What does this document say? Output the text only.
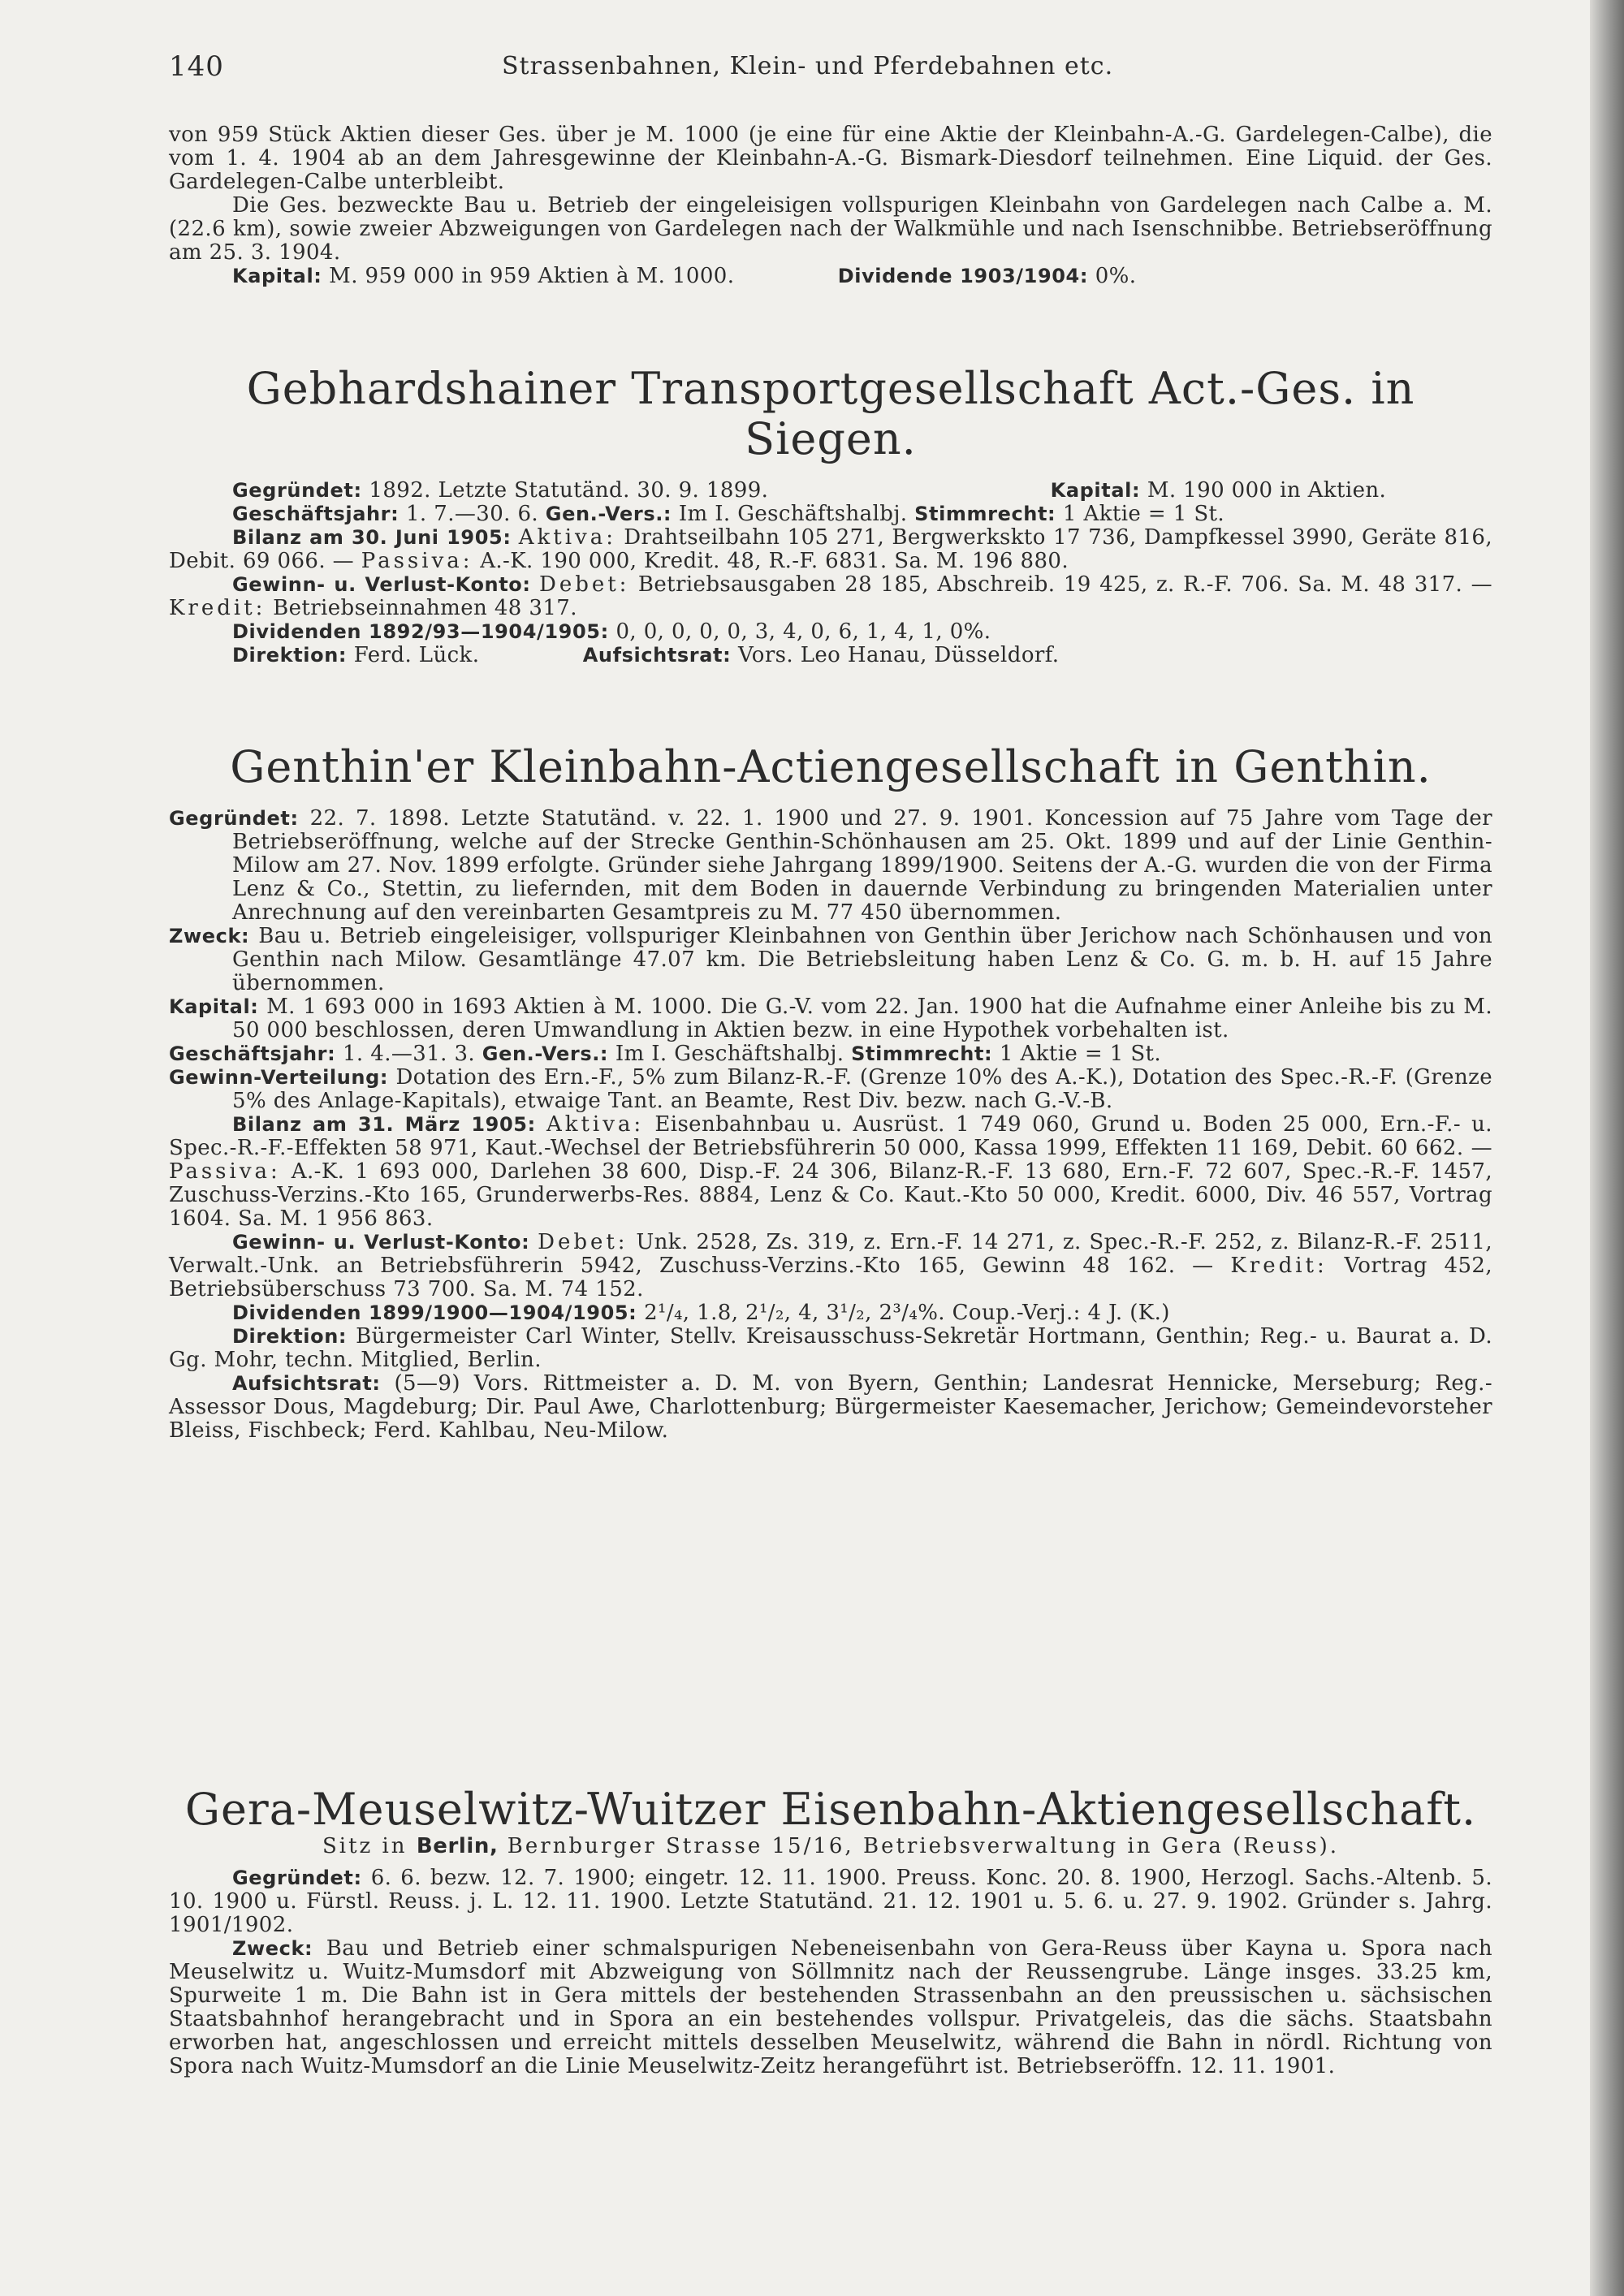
140	Strassenbahnen, Klein- und Pferdebahnen etc.

von 959 Stück Aktien dieser Ges. über je M. 1000 (je eine für eine Aktie der Kleinbahn-A.-G. Gardelegen-Calbe), die vom 1. 4. 1904 ab an dem Jahresgewinne der Kleinbahn-A.-G. Bismark-Diesdorf teilnehmen. Eine Liquid. der Ges. Gardelegen-Calbe unterbleibt.

Die Ges. bezweckte Bau u. Betrieb der eingeleisigen vollspurigen Kleinbahn von Gardelegen nach Calbe a. M. (22.6 km), sowie zweier Abzweigungen von Gardelegen nach der Walkmühle und nach Isenschnibbe. Betriebseröffnung am 25. 3. 1904.

Kapital: M. 959 000 in 959 Aktien à M. 1000.	Dividende 1903/1904: 0%.

Gebhardshainer Transportgesellschaft Act.-Ges. in Siegen.

Gegründet: 1892. Letzte Statutänd. 30. 9. 1899.	Kapital: M. 190 000 in Aktien.

Geschäftsjahr: 1. 7.—30. 6. Gen.-Vers.: Im I. Geschäftshalbj. Stimmrecht: 1 Aktie = 1 St.

Bilanz am 30. Juni 1905: Aktiva: Drahtseilbahn 105 271, Bergwerksktо 17 736, Dampfkessel 3990, Geräte 816, Debit. 69 066. — Passiva: A.-K. 190 000, Kredit. 48, R.-F. 6831. Sa. M. 196 880.

Gewinn- u. Verlust-Konto: Debet: Betriebsausgaben 28 185, Abschreib. 19 425, z. R.-F. 706. Sa. M. 48 317. — Kredit: Betriebseinnahmen 48 317.

Dividenden 1892/93—1904/1905: 0, 0, 0, 0, 0, 3, 4, 0, 6, 1, 4, 1, 0%.

Direktion: Ferd. Lück.	Aufsichtsrat: Vors. Leo Hanau, Düsseldorf.

Genthin'er Kleinbahn-Actiengesellschaft in Genthin.

Gegründet: 22. 7. 1898. Letzte Statutänd. v. 22. 1. 1900 und 27. 9. 1901. Koncession auf 75 Jahre vom Tage der Betriebseröffnung, welche auf der Strecke Genthin-Schönhausen am 25. Okt. 1899 und auf der Linie Genthin-Milow am 27. Nov. 1899 erfolgte. Gründer siehe Jahrgang 1899/1900. Seitens der A.-G. wurden die von der Firma Lenz & Co., Stettin, zu liefernden, mit dem Boden in dauernde Verbindung zu bringenden Materialien unter Anrechnung auf den vereinbarten Gesamtpreis zu M. 77 450 übernommen.

Zweck: Bau u. Betrieb eingeleisiger, vollspuriger Kleinbahnen von Genthin über Jerichow nach Schönhausen und von Genthin nach Milow. Gesamtlänge 47.07 km. Die Betriebsleitung haben Lenz & Co. G. m. b. H. auf 15 Jahre übernommen.

Kapital: M. 1 693 000 in 1693 Aktien à M. 1000. Die G.-V. vom 22. Jan. 1900 hat die Aufnahme einer Anleihe bis zu M. 50 000 beschlossen, deren Umwandlung in Aktien bezw. in eine Hypothek vorbehalten ist.

Geschäftsjahr: 1. 4.—31. 3. Gen.-Vers.: Im I. Geschäftshalbj. Stimmrecht: 1 Aktie = 1 St.

Gewinn-Verteilung: Dotation des Ern.-F., 5% zum Bilanz-R.-F. (Grenze 10% des A.-K.), Dotation des Spec.-R.-F. (Grenze 5% des Anlage-Kapitals), etwaige Tant. an Beamte, Rest Div. bezw. nach G.-V.-B.

Bilanz am 31. März 1905: Aktiva: Eisenbahnbau u. Ausrüst. 1 749 060, Grund u. Boden 25 000, Ern.-F.- u. Spec.-R.-F.-Effekten 58 971, Kaut.-Wechsel der Betriebsführerin 50 000, Kassa 1999, Effekten 11 169, Debit. 60 662. — Passiva: A.-K. 1 693 000, Darlehen 38 600, Disp.-F. 24 306, Bilanz-R.-F. 13 680, Ern.-F. 72 607, Spec.-R.-F. 1457, Zuschuss-Verzins.-Kto 165, Grunderwerbs-Res. 8884, Lenz & Co. Kaut.-Kto 50 000, Kredit. 6000, Div. 46 557, Vortrag 1604. Sa. M. 1 956 863.

Gewinn- u. Verlust-Konto: Debet: Unk. 2528, Zs. 319, z. Ern.-F. 14 271, z. Spec.-R.-F. 252, z. Bilanz-R.-F. 2511, Verwalt.-Unk. an Betriebsführerin 5942, Zuschuss-Verzins.-Kto 165, Gewinn 48 162. — Kredit: Vortrag 452, Betriebsüberschuss 73 700. Sa. M. 74 152.

Dividenden 1899/1900—1904/1905: 2¹/₄, 1.8, 2¹/₂, 4, 3¹/₂, 2³/₄%. Coup.-Verj.: 4 J. (K.)

Direktion: Bürgermeister Carl Winter, Stellv. Kreisausschuss-Sekretär Hortmann, Genthin; Reg.- u. Baurat a. D. Gg. Mohr, techn. Mitglied, Berlin.

Aufsichtsrat: (5—9) Vors. Rittmeister a. D. M. von Byern, Genthin; Landesrat Hennicke, Merseburg; Reg.-Assessor Dous, Magdeburg; Dir. Paul Awe, Charlottenburg; Bürgermeister Kaesemacher, Jerichow; Gemeindevorsteher Bleiss, Fischbeck; Ferd. Kahlbau, Neu-Milow.

Gera-Meuselwitz-Wuitzer Eisenbahn-Aktiengesellschaft.

Sitz in Berlin, Bernburger Strasse 15/16, Betriebsverwaltung in Gera (Reuss).

Gegründet: 6. 6. bezw. 12. 7. 1900; eingetr. 12. 11. 1900. Preuss. Konc. 20. 8. 1900, Herzogl. Sachs.-Altenb. 5. 10. 1900 u. Fürstl. Reuss. j. L. 12. 11. 1900. Letzte Statutänd. 21. 12. 1901 u. 5. 6. u. 27. 9. 1902. Gründer s. Jahrg. 1901/1902.

Zweck: Bau und Betrieb einer schmalspurigen Nebeneisenbahn von Gera-Reuss über Kayna u. Spora nach Meuselwitz u. Wuitz-Mumsdorf mit Abzweigung von Söllmnitz nach der Reussengrube. Länge insges. 33.25 km, Spurweite 1 m. Die Bahn ist in Gera mittels der bestehenden Strassenbahn an den preussischen u. sächsischen Staatsbahnhof herangebracht und in Spora an ein bestehendes vollspur. Privatgeleis, das die sächs. Staatsbahn erworben hat, angeschlossen und erreicht mittels desselben Meuselwitz, während die Bahn in nördl. Richtung von Spora nach Wuitz-Mumsdorf an die Linie Meuselwitz-Zeitz herangeführt ist. Betriebseröffn. 12. 11. 1901.
